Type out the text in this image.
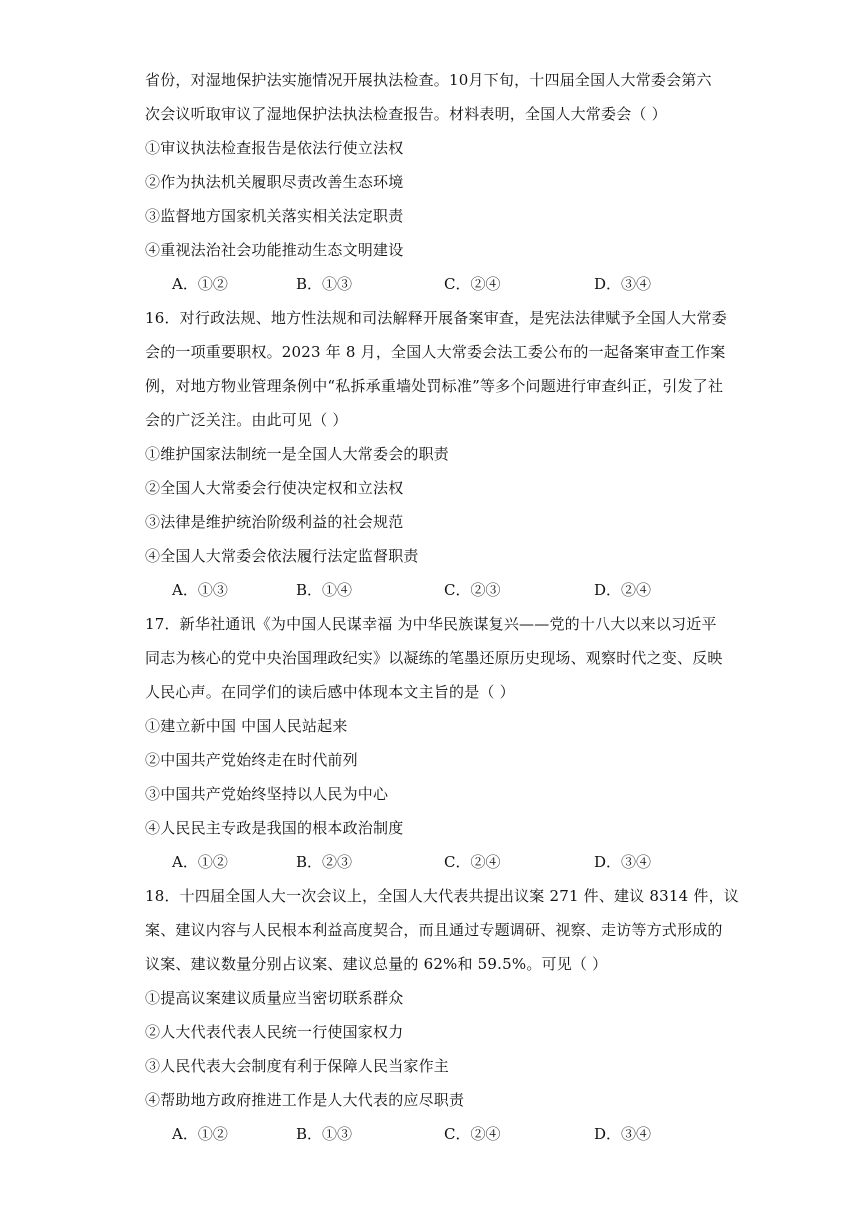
省份，对湿地保护法实施情况开展执法检查。10月下旬，十四届全国人大常委会第六
次会议听取审议了湿地保护法执法检查报告。材料表明，全国人大常委会（ ）
①审议执法检查报告是依法行使立法权
②作为执法机关履职尽责改善生态环境
③监督地方国家机关落实相关法定职责
④重视法治社会功能推动生态文明建设
A．①②	B．①③	C．②④	D．③④
16．对行政法规、地方性法规和司法解释开展备案审查，是宪法法律赋予全国人大常委
会的一项重要职权。2023 年 8 月，全国人大常委会法工委公布的一起备案审查工作案
例，对地方物业管理条例中“私拆承重墙处罚标准”等多个问题进行审查纠正，引发了社
会的广泛关注。由此可见（ ）
①维护国家法制统一是全国人大常委会的职责
②全国人大常委会行使决定权和立法权
③法律是维护统治阶级利益的社会规范
④全国人大常委会依法履行法定监督职责
A．①③	B．①④	C．②③	D．②④
17．新华社通讯《为中国人民谋幸福 为中华民族谋复兴——党的十八大以来以习近平
同志为核心的党中央治国理政纪实》以凝练的笔墨还原历史现场、观察时代之变、反映
人民心声。在同学们的读后感中体现本文主旨的是（ ）
①建立新中国 中国人民站起来
②中国共产党始终走在时代前列
③中国共产党始终坚持以人民为中心
④人民民主专政是我国的根本政治制度
A．①②	B．②③	C．②④	D．③④
18．十四届全国人大一次会议上，全国人大代表共提出议案 271 件、建议 8314 件，议
案、建议内容与人民根本利益高度契合，而且通过专题调研、视察、走访等方式形成的
议案、建议数量分别占议案、建议总量的 62%和 59.5%。可见（ ）
①提高议案建议质量应当密切联系群众
②人大代表代表人民统一行使国家权力
③人民代表大会制度有利于保障人民当家作主
④帮助地方政府推进工作是人大代表的应尽职责
A．①②	B．①③	C．②④	D．③④
